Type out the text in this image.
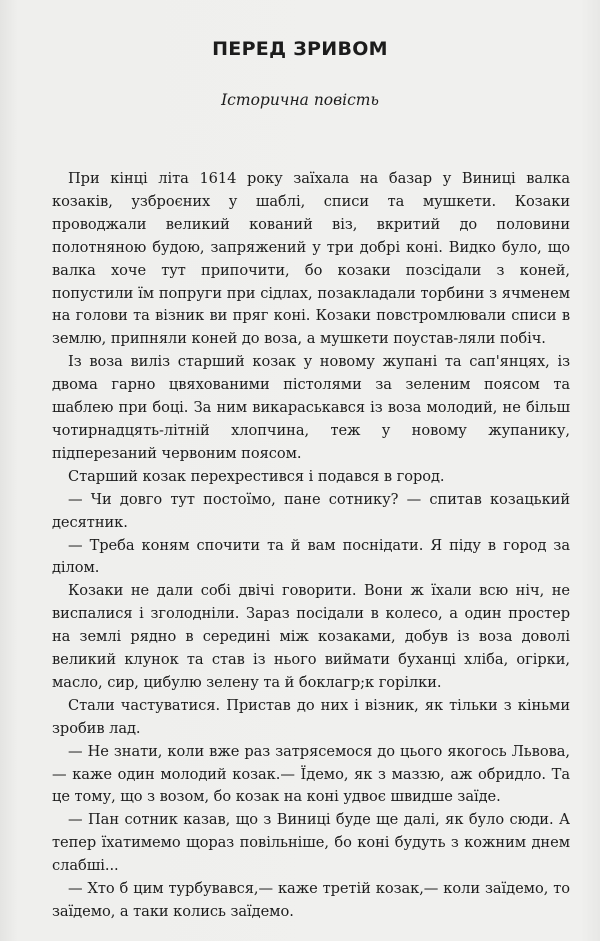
ПЕРЕД ЗРИВОМ

Історична повість

При кінці літа 1614 року заїхала на базар у Виниці валка козаків, узброєних у шаблі, списи та мушкети. Козаки проводжали великий кований віз, вкритий до половини полотняною будою, запряжений у три добрі коні. Видко було, що валка хоче тут припочити, бо козаки позсідали з коней, попустили їм попруги при сідлах, позакладали торбини з ячменем на голови та візник ви пряг коні. Козаки повстромлювали списи в землю, припняли коней до воза, а мушкети поустав-ляли побіч.

Із воза виліз старший козак у новому жупані та сап'янцях, із двома гарно цвяхованими пістолями за зеленим поясом та шаблею при боці. За ним викараськався із воза молодий, не більш чотирнадцять-літній хлопчина, теж у новому жупанику, підперезаний червоним поясом.

Старший козак перехрестився і подався в город.

— Чи довго тут постоїмо, пане сотнику? — спитав козацький десятник.

— Треба коням спочити та й вам поснідати. Я піду в город за ділом.

Козаки не дали собі двічі говорити. Вони ж їхали всю ніч, не виспалися і зголодніли. Зараз посідали в колесо, а один простер на землі рядно в середині між козаками, добув із воза доволі великий клунок та став із нього виймати буханці хліба, огірки, масло, сир, цибулю зелену та й боклагр;к горілки.

Стали частуватися. Пристав до них і візник, як тільки з кіньми зробив лад.

— Не знати, коли вже раз затрясемося до цього якогось Львова,— каже один молодий козак.— Їдемо, як з маззю, аж обридло. Та це тому, що з возом, бо козак на коні удвоє швидше заїде.

— Пан сотник казав, що з Виниці буде ще далі, як було сюди. А тепер їхатимемо щораз повільніше, бо коні будуть з кожним днем слабші...

— Хто б цим турбувався,— каже третій козак,— коли заїдемо, то заїдемо, а таки колись заїдемо.
